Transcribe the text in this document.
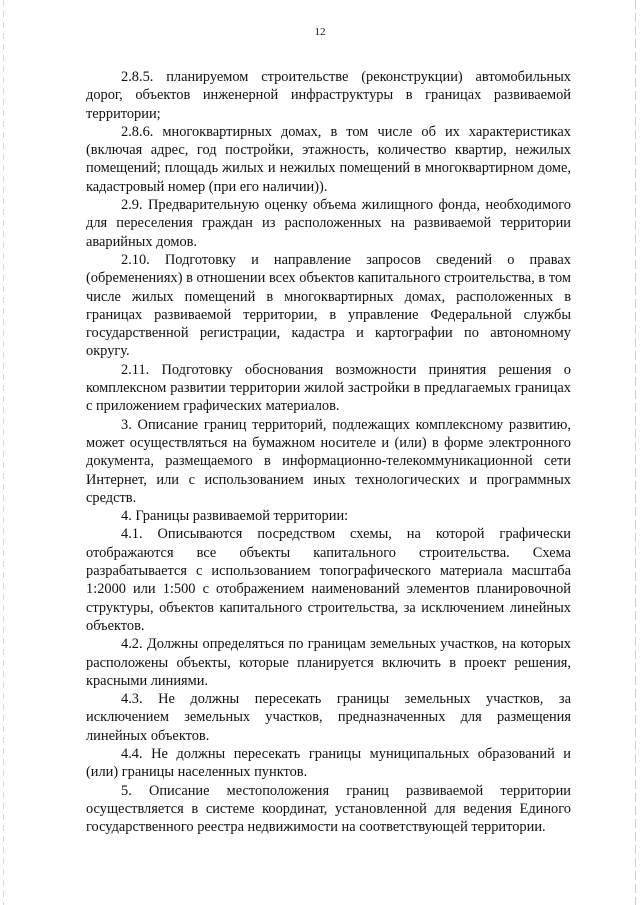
12

2.8.5. планируемом строительстве (реконструкции) автомобильных дорог, объектов инженерной инфраструктуры в границах развиваемой территории;

2.8.6. многоквартирных домах, в том числе об их характеристиках (включая адрес, год постройки, этажность, количество квартир, нежилых помещений; площадь жилых и нежилых помещений в многоквартирном доме, кадастровый номер (при его наличии)).

2.9. Предварительную оценку объема жилищного фонда, необходимого для переселения граждан из расположенных на развиваемой территории аварийных домов.

2.10. Подготовку и направление запросов сведений о правах (обременениях) в отношении всех объектов капитального строительства, в том числе жилых помещений в многоквартирных домах, расположенных в границах развиваемой территории, в управление Федеральной службы государственной регистрации, кадастра и картографии по автономному округу.

2.11. Подготовку обоснования возможности принятия решения о комплексном развитии территории жилой застройки в предлагаемых границах с приложением графических материалов.

3. Описание границ территорий, подлежащих комплексному развитию, может осуществляться на бумажном носителе и (или) в форме электронного документа, размещаемого в информационно-телекоммуникационной сети Интернет, или с использованием иных технологических и программных средств.

4. Границы развиваемой территории:

4.1. Описываются посредством схемы, на которой графически отображаются все объекты капитального строительства. Схема разрабатывается с использованием топографического материала масштаба 1:2000 или 1:500 с отображением наименований элементов планировочной структуры, объектов капитального строительства, за исключением линейных объектов.

4.2. Должны определяться по границам земельных участков, на которых расположены объекты, которые планируется включить в проект решения, красными линиями.

4.3. Не должны пересекать границы земельных участков, за исключением земельных участков, предназначенных для размещения линейных объектов.

4.4. Не должны пересекать границы муниципальных образований и (или) границы населенных пунктов.

5. Описание местоположения границ развиваемой территории осуществляется в системе координат, установленной для ведения Единого государственного реестра недвижимости на соответствующей территории.
